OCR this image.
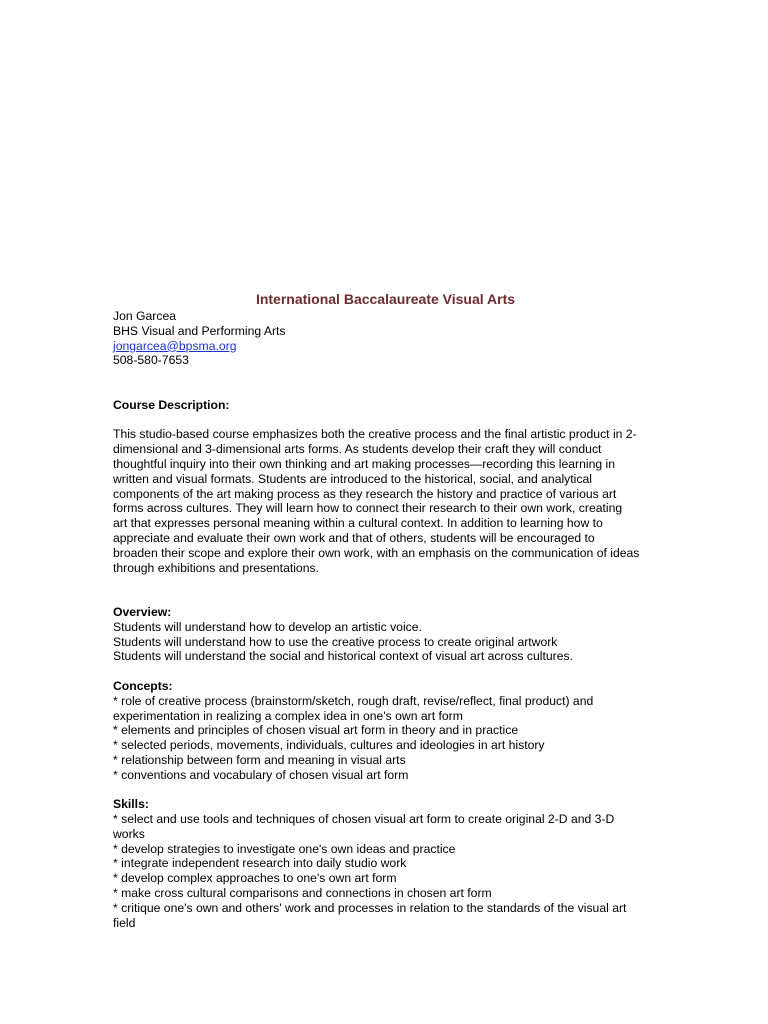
International Baccalaureate Visual Arts
Jon Garcea
BHS Visual and Performing Arts
jongarcea@bpsma.org
508-580-7653
Course Description:
This studio-based course emphasizes both the creative process and the final artistic product in 2-
dimensional and 3-dimensional arts forms. As students develop their craft they will conduct
thoughtful inquiry into their own thinking and art making processes—recording this learning in
written and visual formats. Students are introduced to the historical, social, and analytical
components of the art making process as they research the history and practice of various art
forms across cultures. They will learn how to connect their research to their own work, creating
art that expresses personal meaning within a cultural context. In addition to learning how to
appreciate and evaluate their own work and that of others, students will be encouraged to
broaden their scope and explore their own work, with an emphasis on the communication of ideas
through exhibitions and presentations.
Overview:
Students will understand how to develop an artistic voice.
Students will understand how to use the creative process to create original artwork
Students will understand the social and historical context of visual art across cultures.
Concepts:
* role of creative process (brainstorm/sketch, rough draft, revise/reflect, final product) and
experimentation in realizing a complex idea in one's own art form
* elements and principles of chosen visual art form in theory and in practice
* selected periods, movements, individuals, cultures and ideologies in art history
* relationship between form and meaning in visual arts
* conventions and vocabulary of chosen visual art form
Skills:
* select and use tools and techniques of chosen visual art form to create original 2-D and 3-D
works
* develop strategies to investigate one's own ideas and practice
* integrate independent research into daily studio work
* develop complex approaches to one's own art form
* make cross cultural comparisons and connections in chosen art form
* critique one's own and others' work and processes in relation to the standards of the visual art
field
